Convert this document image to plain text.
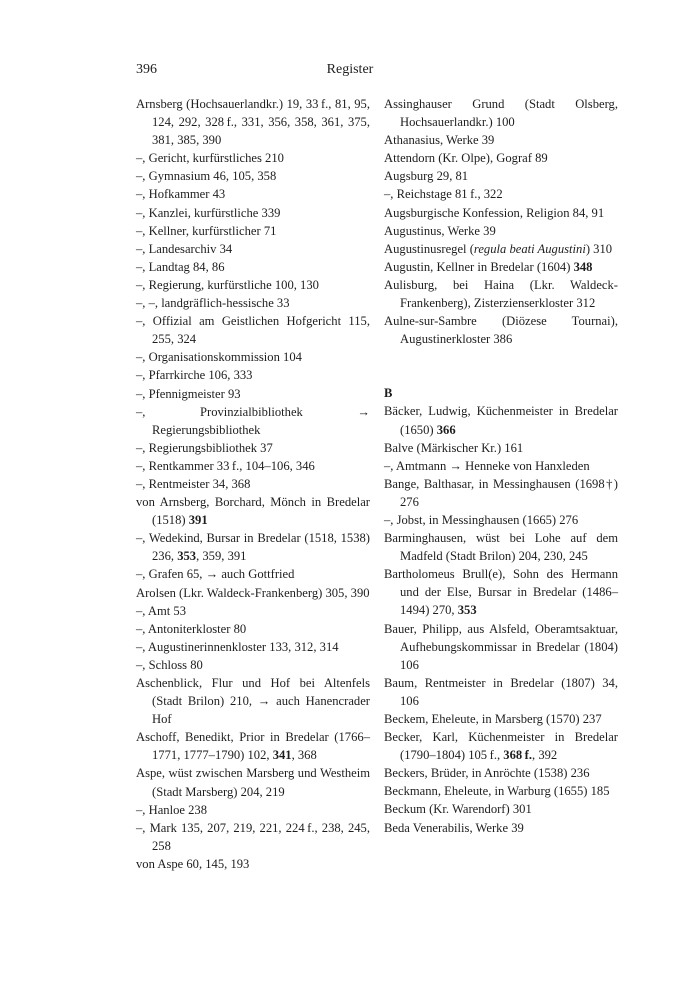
396	Register
Arnsberg (Hochsauerlandkr.) 19, 33 f., 81, 95, 124, 292, 328 f., 331, 356, 358, 361, 375, 381, 385, 390
–, Gericht, kurfürstliches 210
–, Gymnasium 46, 105, 358
–, Hofkammer 43
–, Kanzlei, kurfürstliche 339
–, Kellner, kurfürstlicher 71
–, Landesarchiv 34
–, Landtag 84, 86
–, Regierung, kurfürstliche 100, 130
–, –, landgräflich-hessische 33
–, Offizial am Geistlichen Hofgericht 115, 255, 324
–, Organisationskommission 104
–, Pfarrkirche 106, 333
–, Pfennigmeister 93
–, Provinzialbibliothek → Regierungsbibliothek
–, Regierungsbibliothek 37
–, Rentkammer 33 f., 104–106, 346
–, Rentmeister 34, 368
von Arnsberg, Borchard, Mönch in Bredelar (1518) 391
–, Wedekind, Bursar in Bredelar (1518, 1538) 236, 353, 359, 391
–, Grafen 65, → auch Gottfried
Arolsen (Lkr. Waldeck-Frankenberg) 305, 390
–, Amt 53
–, Antoniterkloster 80
–, Augustinerinnenkloster 133, 312, 314
–, Schloss 80
Aschenblick, Flur und Hof bei Altenfels (Stadt Brilon) 210, → auch Hanencrader Hof
Aschoff, Benedikt, Prior in Bredelar (1766–1771, 1777–1790) 102, 341, 368
Aspe, wüst zwischen Marsberg und Westheim (Stadt Marsberg) 204, 219
–, Hanloe 238
–, Mark 135, 207, 219, 221, 224 f., 238, 245, 258
von Aspe 60, 145, 193
Assinghauser Grund (Stadt Olsberg, Hochsauerlandkr.) 100
Athanasius, Werke 39
Attendorn (Kr. Olpe), Gograf 89
Augsburg 29, 81
–, Reichstage 81 f., 322
Augsburgische Konfession, Religion 84, 91
Augustinus, Werke 39
Augustinusregel (regula beati Augustini) 310
Augustin, Kellner in Bredelar (1604) 348
Aulisburg, bei Haina (Lkr. Waldeck-Frankenberg), Zisterzienserkloster 312
Aulne-sur-Sambre (Diözese Tournai), Augustinerkloster 386
B
Bäcker, Ludwig, Küchenmeister in Bredelar (1650) 366
Balve (Märkischer Kr.) 161
–, Amtmann → Henneke von Hanxleden
Bange, Balthasar, in Messinghausen (1698†) 276
–, Jobst, in Messinghausen (1665) 276
Barminghausen, wüst bei Lohe auf dem Madfeld (Stadt Brilon) 204, 230, 245
Bartholomeus Brull(e), Sohn des Hermann und der Else, Bursar in Bredelar (1486–1494) 270, 353
Bauer, Philipp, aus Alsfeld, Oberamtsaktuar, Aufhebungskommissar in Bredelar (1804) 106
Baum, Rentmeister in Bredelar (1807) 34, 106
Beckem, Eheleute, in Marsberg (1570) 237
Becker, Karl, Küchenmeister in Bredelar (1790–1804) 105 f., 368 f., 392
Beckers, Brüder, in Anröchte (1538) 236
Beckmann, Eheleute, in Warburg (1655) 185
Beckum (Kr. Warendorf) 301
Beda Venerabilis, Werke 39
